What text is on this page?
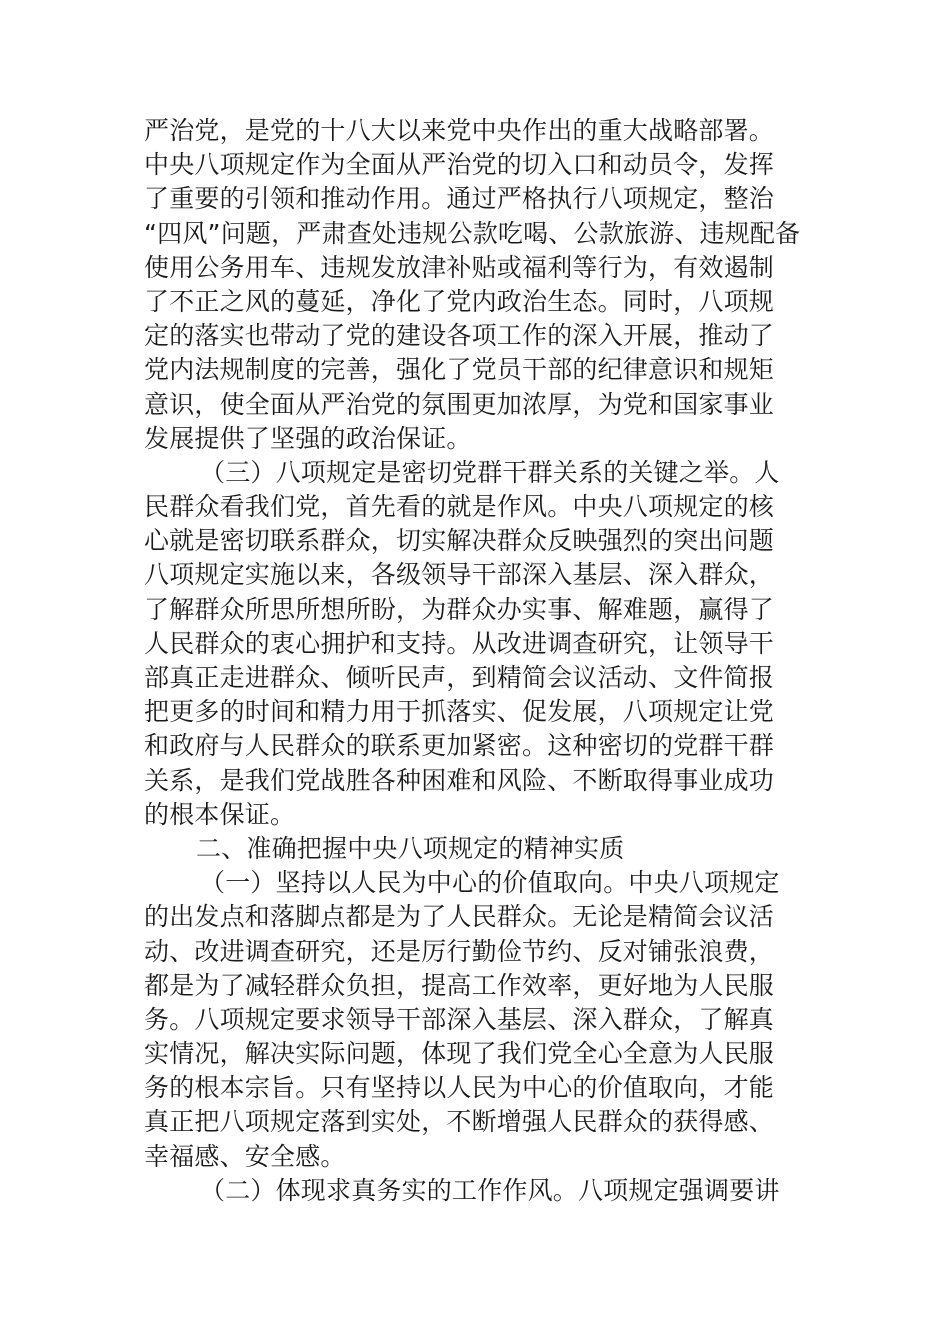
严治党，是党的十八大以来党中央作出的重大战略部署。
中央八项规定作为全面从严治党的切入口和动员令，发挥
了重要的引领和推动作用。通过严格执行八项规定，整治
“四风”问题，严肃查处违规公款吃喝、公款旅游、违规配备
使用公务用车、违规发放津补贴或福利等行为，有效遏制
了不正之风的蔓延，净化了党内政治生态。同时，八项规
定的落实也带动了党的建设各项工作的深入开展，推动了
党内法规制度的完善，强化了党员干部的纪律意识和规矩
意识，使全面从严治党的氛围更加浓厚，为党和国家事业
发展提供了坚强的政治保证。
（三）八项规定是密切党群干群关系的关键之举。人
民群众看我们党，首先看的就是作风。中央八项规定的核
心就是密切联系群众，切实解决群众反映强烈的突出问题
八项规定实施以来，各级领导干部深入基层、深入群众，
了解群众所思所想所盼，为群众办实事、解难题，赢得了
人民群众的衷心拥护和支持。从改进调查研究，让领导干
部真正走进群众、倾听民声，到精简会议活动、文件简报
把更多的时间和精力用于抓落实、促发展，八项规定让党
和政府与人民群众的联系更加紧密。这种密切的党群干群
关系，是我们党战胜各种困难和风险、不断取得事业成功
的根本保证。
二、准确把握中央八项规定的精神实质
（一）坚持以人民为中心的价值取向。中央八项规定
的出发点和落脚点都是为了人民群众。无论是精简会议活
动、改进调查研究，还是厉行勤俭节约、反对铺张浪费，
都是为了减轻群众负担，提高工作效率，更好地为人民服
务。八项规定要求领导干部深入基层、深入群众，了解真
实情况，解决实际问题，体现了我们党全心全意为人民服
务的根本宗旨。只有坚持以人民为中心的价值取向，才能
真正把八项规定落到实处，不断增强人民群众的获得感、
幸福感、安全感。
（二）体现求真务实的工作作风。八项规定强调要讲
